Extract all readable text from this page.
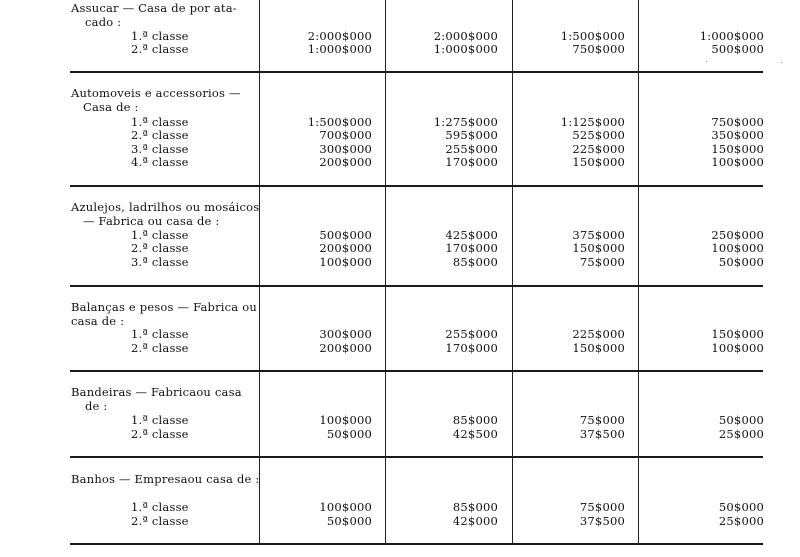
Assucar — Casa de por ata-
cado :
1.ª classe	2:000$000	2:000$000	1:500$000	1:000$000
2.ª classe	1:000$000	1:000$000	750$000	500$000
Automoveis e accessorios —
Casa de :
1.ª classe	1:500$000	1:275$000	1:125$000	750$000
2.ª classe	700$000	595$000	525$000	350$000
3.ª classe	300$000	255$000	225$000	150$000
4.ª classe	200$000	170$000	150$000	100$000
Azulejos, ladrilhos ou mosáicos
— Fabrica ou casa de :
1.ª classe	500$000	425$000	375$000	250$000
2.ª classe	200$000	170$000	150$000	100$000
3.ª classe	100$000	85$000	75$000	50$000
Balanças e pesos — Fabrica ou
casa de :
1.ª classe	300$000	255$000	225$000	150$000
2.ª classe	200$000	170$000	150$000	100$000
Bandeiras — Fabricaou casa
de :
1.ª classe	100$000	85$000	75$000	50$000
2.ª classe	50$000	42$500	37$500	25$000
Banhos — Empresaou casa de :
1.ª classe	100$000	85$000	75$000	50$000
2.ª classe	50$000	42$000	37$500	25$000
